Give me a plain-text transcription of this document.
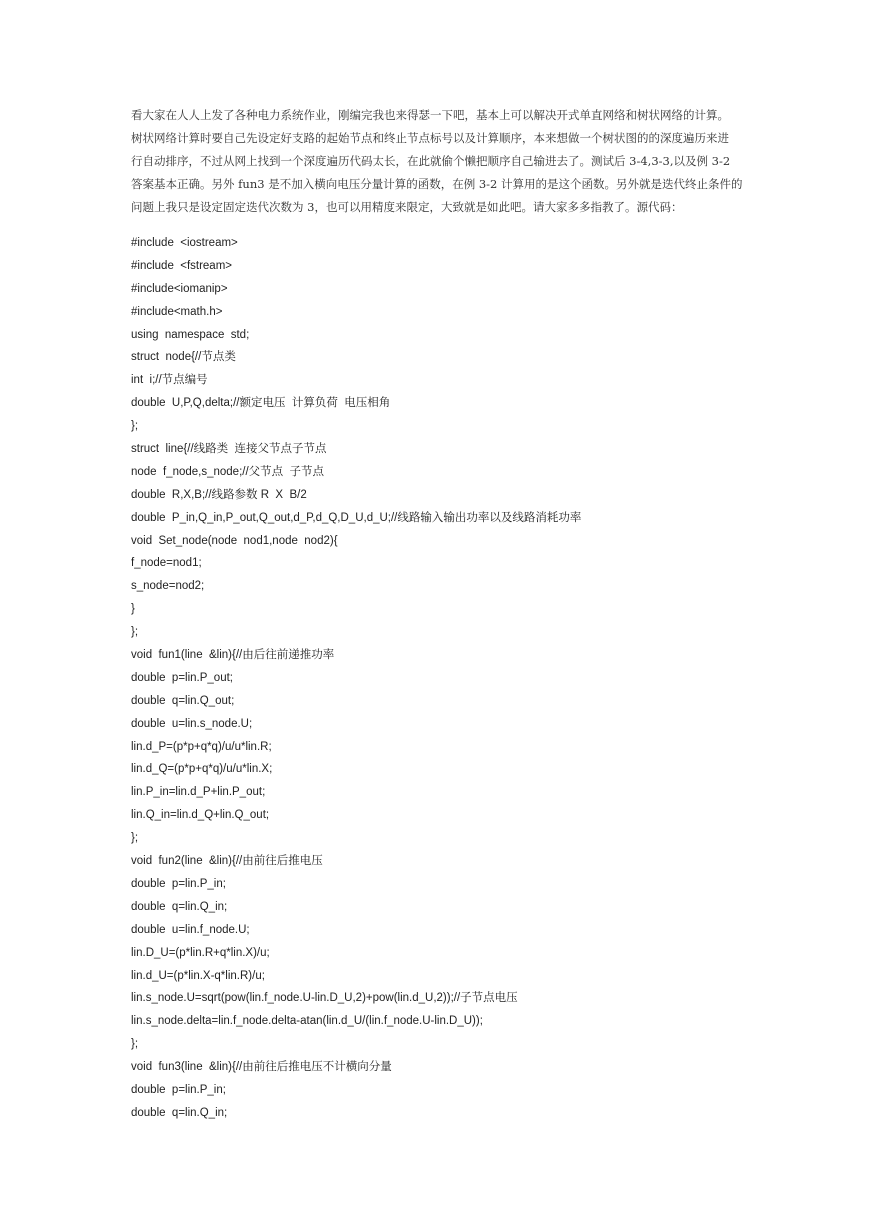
看大家在人人上发了各种电力系统作业，刚编完我也来得瑟一下吧，基本上可以解决开式单直网络和树状网络的计算。
树状网络计算时要自己先设定好支路的起始节点和终止节点标号以及计算顺序，本来想做一个树状图的的深度遍历来进
行自动排序，不过从网上找到一个深度遍历代码太长，在此就偷个懒把顺序自己输进去了。测试后 3-4,3-3,以及例 3-2
答案基本正确。另外 fun3 是不加入横向电压分量计算的函数，在例 3-2 计算用的是这个函数。另外就是迭代终止条件的
问题上我只是设定固定迭代次数为 3，也可以用精度来限定，大致就是如此吧。请大家多多指教了。源代码：
#include  <iostream>
#include  <fstream>
#include<iomanip>
#include<math.h>
using  namespace  std;
struct  node{//节点类
int  i;//节点编号
double  U,P,Q,delta;//额定电压  计算负荷  电压相角
};
struct  line{//线路类  连接父节点子节点
node  f_node,s_node;//父节点  子节点
double  R,X,B;//线路参数 R  X  B/2
double  P_in,Q_in,P_out,Q_out,d_P,d_Q,D_U,d_U;//线路输入输出功率以及线路消耗功率
void  Set_node(node  nod1,node  nod2){
f_node=nod1;
s_node=nod2;
}
};
void  fun1(line  &lin){//由后往前递推功率
double  p=lin.P_out;
double  q=lin.Q_out;
double  u=lin.s_node.U;
lin.d_P=(p*p+q*q)/u/u*lin.R;
lin.d_Q=(p*p+q*q)/u/u*lin.X;
lin.P_in=lin.d_P+lin.P_out;
lin.Q_in=lin.d_Q+lin.Q_out;
};
void  fun2(line  &lin){//由前往后推电压
double  p=lin.P_in;
double  q=lin.Q_in;
double  u=lin.f_node.U;
lin.D_U=(p*lin.R+q*lin.X)/u;
lin.d_U=(p*lin.X-q*lin.R)/u;
lin.s_node.U=sqrt(pow(lin.f_node.U-lin.D_U,2)+pow(lin.d_U,2));//子节点电压
lin.s_node.delta=lin.f_node.delta-atan(lin.d_U/(lin.f_node.U-lin.D_U));
};
void  fun3(line  &lin){//由前往后推电压不计横向分量
double  p=lin.P_in;
double  q=lin.Q_in;
